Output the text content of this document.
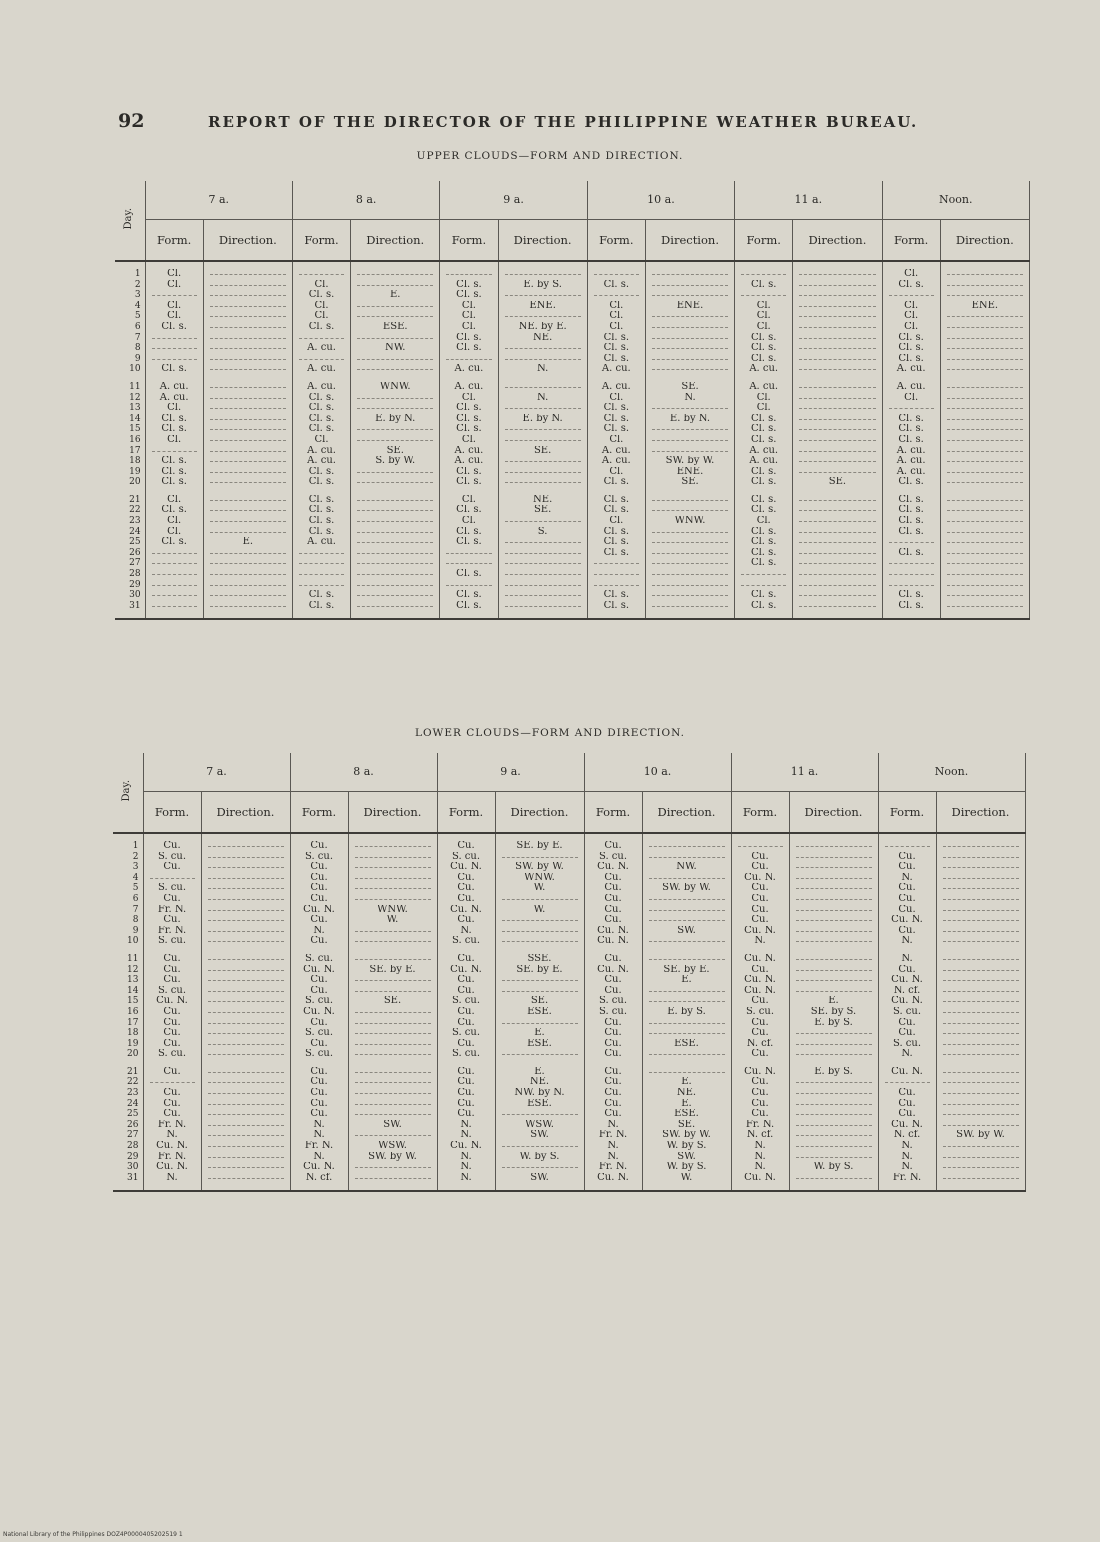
92	REPORT OF THE DIRECTOR OF THE PHILIPPINE WEATHER BUREAU.
UPPER CLOUDS—FORM AND DIRECTION.
Day.	7 a.		8 a.		9 a.		10 a.		11 a.		Noon.	
	Form.	Direction.	Form.	Direction.	Form.	Direction.	Form.	Direction.	Form.	Direction.	Form.	Direction.

1	Cl.										Cl.	
2	Cl.		Cl.		Cl. s.	E. by S.	Cl. s.		Cl. s.		Cl. s.	
3			Cl. s.	E.	Cl. s.							
4	Cl.		Cl.		Cl.	ENE.	Cl.	ENE.	Cl.		Cl.	ENE.
5	Cl.		Cl.		Cl.		Cl.		Cl.		Cl.	
6	Cl. s.		Cl. s.	ESE.	Cl.	NE. by E.	Cl.		Cl.		Cl.	
7					Cl. s.	NE.	Cl. s.		Cl. s.		Cl. s.	
8			A. cu.	NW.	Cl. s.		Cl. s.		Cl. s.		Cl. s.	
9							Cl. s.		Cl. s.		Cl. s.	
10	Cl. s.		A. cu.		A. cu.	N.	A. cu.		A. cu.		A. cu.	

11	A. cu.		A. cu.	WNW.	A. cu.		A. cu.	SE.	A. cu.		A. cu.	
12	A. cu.		Cl. s.		Cl.	N.	Cl.	N.	Cl.		Cl.	
13	Cl.		Cl. s.		Cl. s.		Cl. s.		Cl.			
14	Cl. s.		Cl. s.	E. by N.	Cl. s.	E. by N.	Cl. s.	E. by N.	Cl. s.		Cl. s.	
15	Cl. s.		Cl. s.		Cl. s.		Cl. s.		Cl. s.		Cl. s.	
16	Cl.		Cl.		Cl.		Cl.		Cl. s.		Cl. s.	
17			A. cu.	SE.	A. cu.	SE.	A. cu.		A. cu.		A. cu.	
18	Cl. s.		A. cu.	S. by W.	A. cu.		A. cu.	SW. by W.	A. cu.		A. cu.	
19	Cl. s.		Cl. s.		Cl. s.		Cl.	ENE.	Cl. s.		A. cu.	
20	Cl. s.		Cl. s.		Cl. s.		Cl. s.	SE.	Cl. s.	SE.	Cl. s.	

21	Cl.		Cl. s.		Cl.	NE.	Cl. s.		Cl. s.		Cl. s.	
22	Cl. s.		Cl. s.		Cl. s.	SE.	Cl. s.		Cl. s.		Cl. s.	
23	Cl.		Cl. s.		Cl.		Cl.	WNW.	Cl.		Cl. s.	
24	Cl.		Cl. s.		Cl. s.	S.	Cl. s.		Cl. s.		Cl. s.	
25	Cl. s.	E.	A. cu.		Cl. s.		Cl. s.		Cl. s.			
26							Cl. s.		Cl. s.		Cl. s.	
27									Cl. s.			
28					Cl. s.							
29												
30			Cl. s.		Cl. s.		Cl. s.		Cl. s.		Cl. s.	
31			Cl. s.		Cl. s.		Cl. s.		Cl. s.		Cl. s.	

LOWER CLOUDS—FORM AND DIRECTION.
Day.	7 a.		8 a.		9 a.		10 a.		11 a.		Noon.	
	Form.	Direction.	Form.	Direction.	Form.	Direction.	Form.	Direction.	Form.	Direction.	Form.	Direction.

1	Cu.		Cu.		Cu.	SE. by E.	Cu.					
2	S. cu.		S. cu.		S. cu.		S. cu.		Cu.		Cu.	
3	Cu.		Cu.		Cu. N.	SW. by W.	Cu. N.	NW.	Cu.		Cu.	
4			Cu.		Cu.	WNW.	Cu.		Cu. N.		N.	
5	S. cu.		Cu.		Cu.	W.	Cu.	SW. by W.	Cu.		Cu.	
6	Cu.		Cu.		Cu.		Cu.		Cu.		Cu.	
7	Fr. N.		Cu. N.	WNW.	Cu. N.	W.	Cu.		Cu.		Cu.	
8	Cu.		Cu.	W.	Cu.		Cu.		Cu.		Cu. N.	
9	Fr. N.		N.		N.		Cu. N.	SW.	Cu. N.		Cu.	
10	S. cu.		Cu.		S. cu.		Cu. N.		N.		N.	

11	Cu.		S. cu.		Cu.	SSE.	Cu.		Cu. N.		N.	
12	Cu.		Cu. N.	SE. by E.	Cu. N.	SE. by E.	Cu. N.	SE. by E.	Cu.		Cu.	
13	Cu.		Cu.		Cu.		Cu.	E.	Cu. N.		Cu. N.	
14	S. cu.		Cu.		Cu.		Cu.		Cu. N.		N. cf.	
15	Cu. N.		S. cu.	SE.	S. cu.	SE.	S. cu.		Cu.	E.	Cu. N.	
16	Cu.		Cu. N.		Cu.	ESE.	S. cu.	E. by S.	S. cu.	SE. by S.	S. cu.	
17	Cu.		Cu.		Cu.		Cu.		Cu.	E. by S.	Cu.	
18	Cu.		S. cu.		S. cu.	E.	Cu.		Cu.		Cu.	
19	Cu.		Cu.		Cu.	ESE.	Cu.	ESE.	N. cf.		S. cu.	
20	S. cu.		S. cu.		S. cu.		Cu.		Cu.		N.	

21	Cu.		Cu.		Cu.	E.	Cu.		Cu. N.	E. by S.	Cu. N.	
22			Cu.		Cu.	NE.	Cu.	E.	Cu.			
23	Cu.		Cu.		Cu.	NW. by N.	Cu.	NE.	Cu.		Cu.	
24	Cu.		Cu.		Cu.	ESE.	Cu.	E.	Cu.		Cu.	
25	Cu.		Cu.		Cu.		Cu.	ESE.	Cu.		Cu.	
26	Fr. N.		N.	SW.	N.	WSW.	N.	SE.	Fr. N.		Cu. N.	
27	N.		N.		N.	SW.	Fr. N.	SW. by W.	N. cf.		N. cf.	SW. by W.
28	Cu. N.		Fr. N.	WSW.	Cu. N.		N.	W. by S.	N.		N.	
29	Fr. N.		N.	SW. by W.	N.	W. by S.	N.	SW.	N.		N.	
30	Cu. N.		Cu. N.		N.		Fr. N.	W. by S.	N.	W. by S.	N.	
31	N.		N. cf.		N.	SW.	Cu. N.	W.	Cu. N.		Fr. N.	

National Library of the Philippines DOZ4P0000405202519 1
